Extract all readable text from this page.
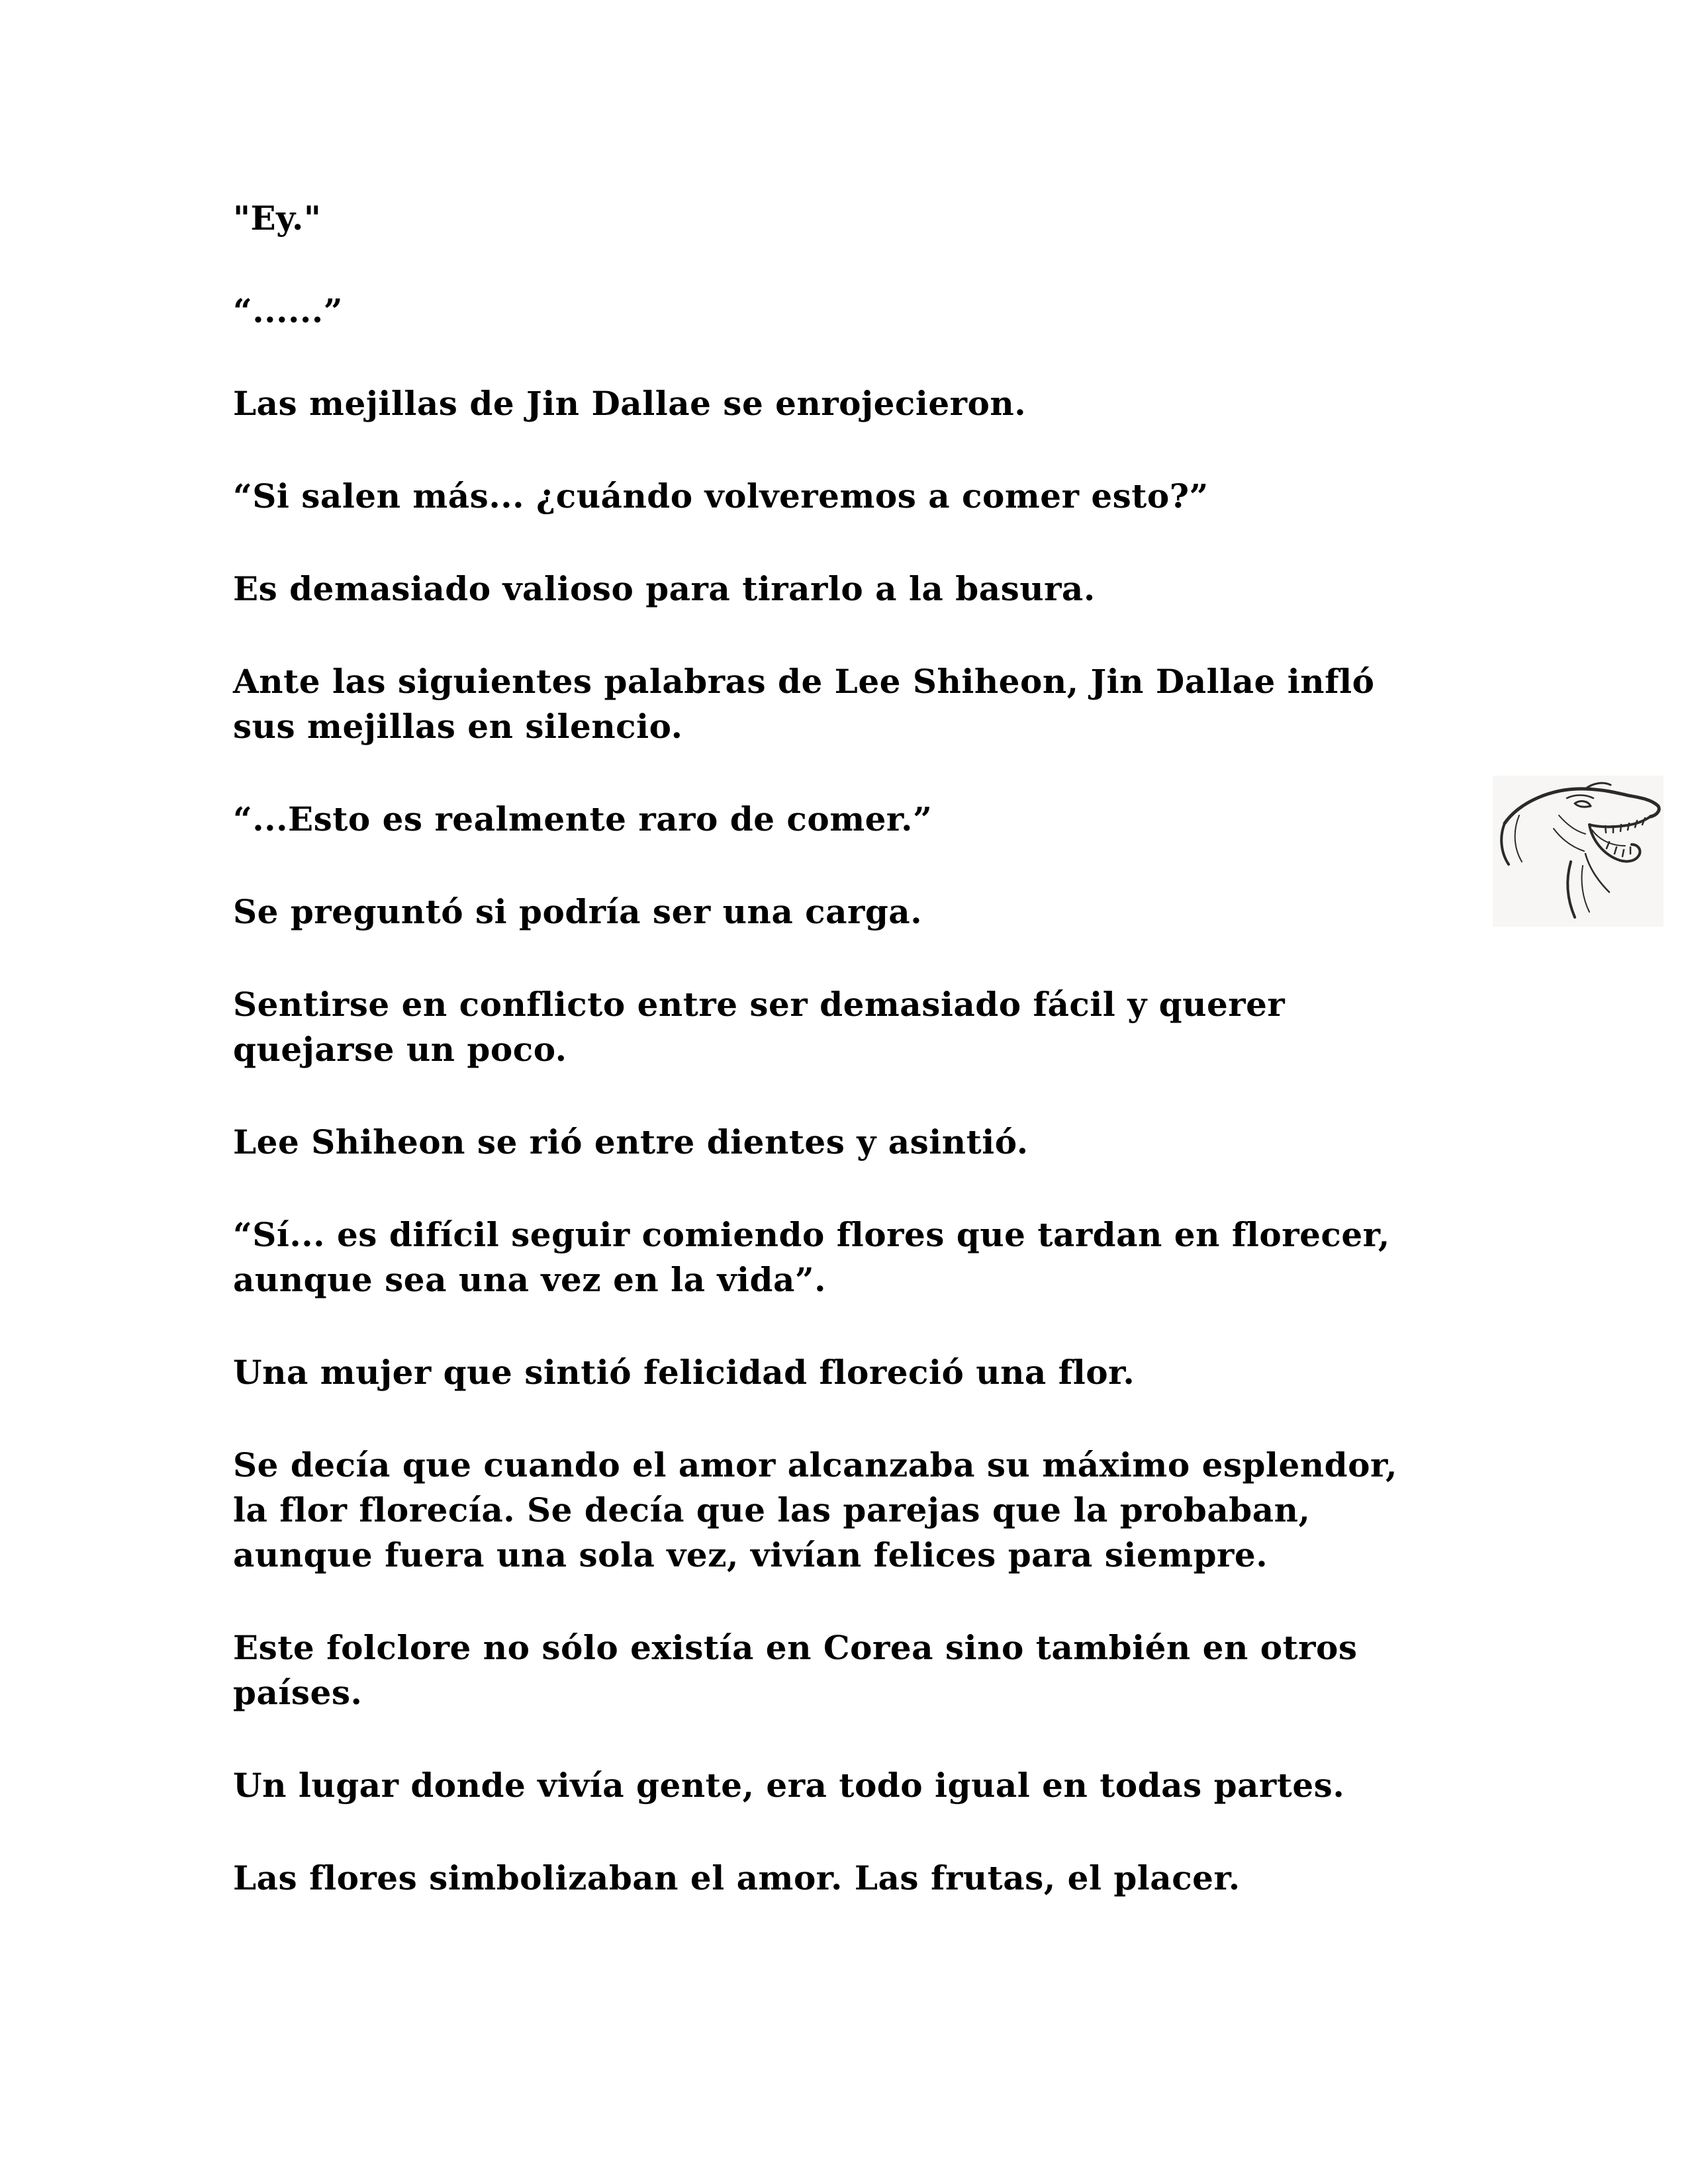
"Ey."

“......”

Las mejillas de Jin Dallae se enrojecieron.

“Si salen más... ¿cuándo volveremos a comer esto?”

Es demasiado valioso para tirarlo a la basura.

Ante las siguientes palabras de Lee Shiheon, Jin Dallae infló
sus mejillas en silencio.

“...Esto es realmente raro de comer.”

Se preguntó si podría ser una carga.

Sentirse en conflicto entre ser demasiado fácil y querer
quejarse un poco.

Lee Shiheon se rió entre dientes y asintió.

“Sí... es difícil seguir comiendo flores que tardan en florecer,
aunque sea una vez en la vida”.

Una mujer que sintió felicidad floreció una flor.

Se decía que cuando el amor alcanzaba su máximo esplendor,
la flor florecía. Se decía que las parejas que la probaban,
aunque fuera una sola vez, vivían felices para siempre.

Este folclore no sólo existía en Corea sino también en otros
países.

Un lugar donde vivía gente, era todo igual en todas partes.

Las flores simbolizaban el amor. Las frutas, el placer.
